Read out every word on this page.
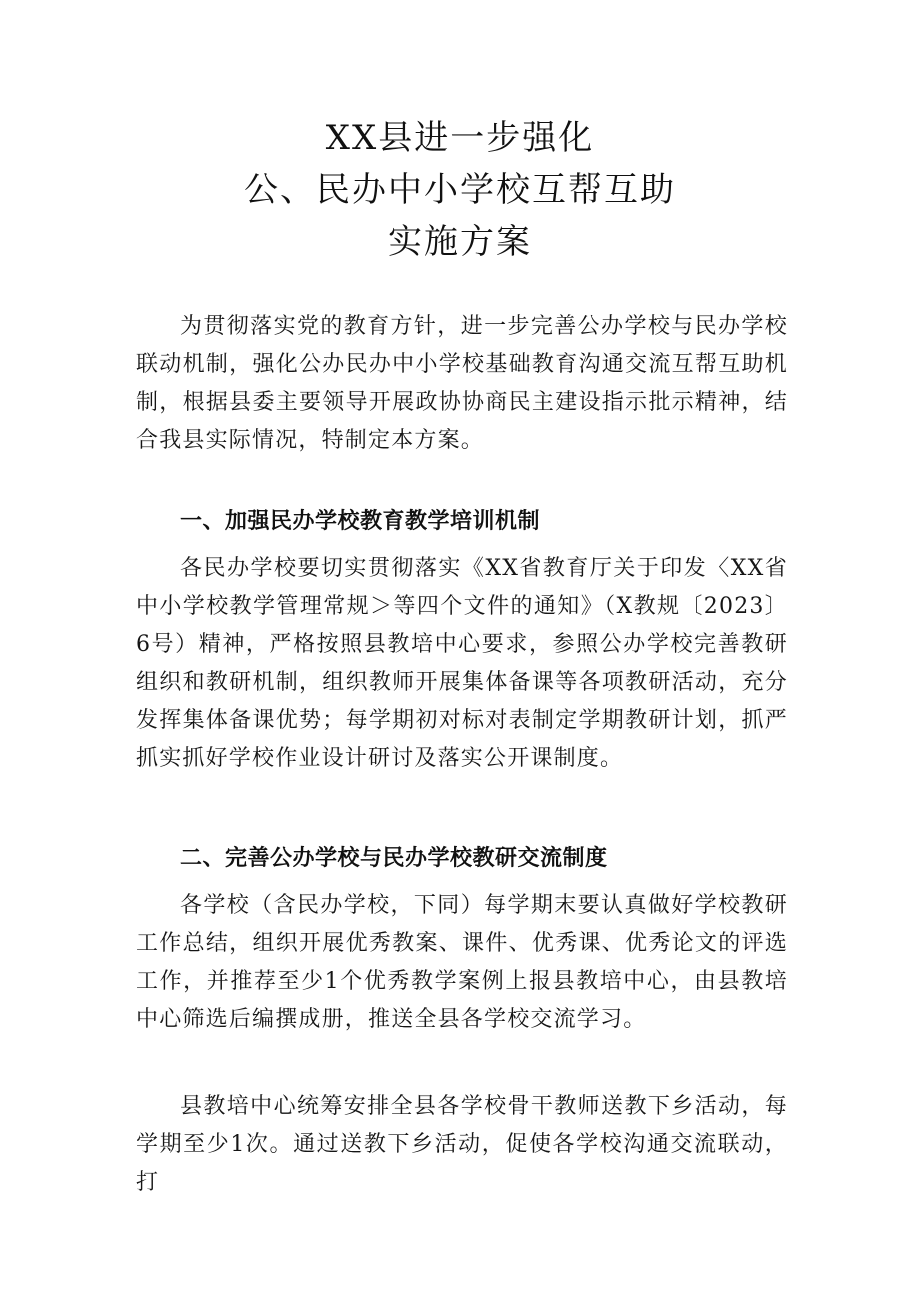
XX县进一步强化
公、民办中小学校互帮互助
实施方案

为贯彻落实党的教育方针，进一步完善公办学校与民办学校联动机制，强化公办民办中小学校基础教育沟通交流互帮互助机制，根据县委主要领导开展政协协商民主建设指示批示精神，结合我县实际情况，特制定本方案。

一、加强民办学校教育教学培训机制

各民办学校要切实贯彻落实《XX省教育厅关于印发〈XX省中小学校教学管理常规＞等四个文件的通知》（X教规〔2023〕6号）精神，严格按照县教培中心要求，参照公办学校完善教研组织和教研机制，组织教师开展集体备课等各项教研活动，充分发挥集体备课优势；每学期初对标对表制定学期教研计划，抓严抓实抓好学校作业设计研讨及落实公开课制度。

二、完善公办学校与民办学校教研交流制度

各学校（含民办学校，下同）每学期末要认真做好学校教研工作总结，组织开展优秀教案、课件、优秀课、优秀论文的评选工作，并推荐至少1个优秀教学案例上报县教培中心，由县教培中心筛选后编撰成册，推送全县各学校交流学习。

县教培中心统筹安排全县各学校骨干教师送教下乡活动，每学期至少1次。通过送教下乡活动，促使各学校沟通交流联动，打
